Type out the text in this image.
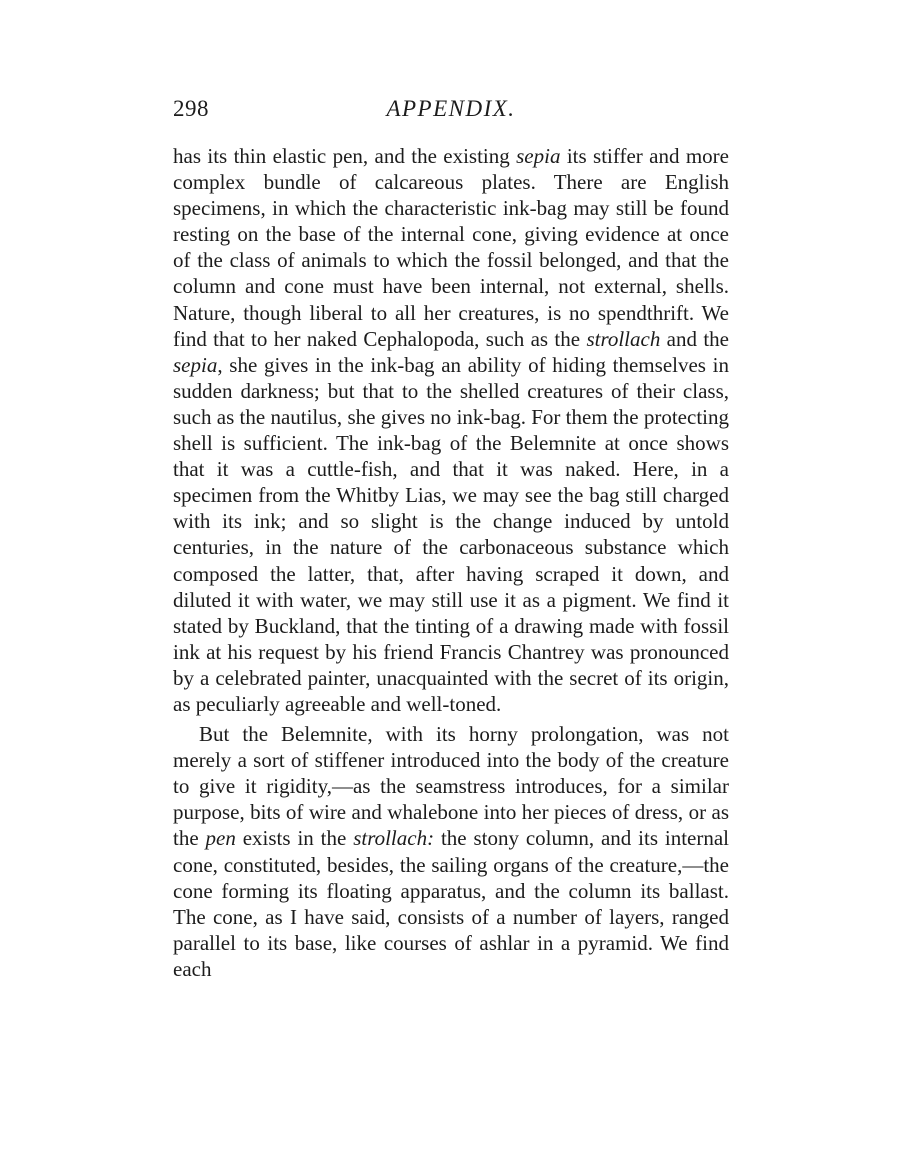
298	APPENDIX.

has its thin elastic pen, and the existing sepia its stiffer and more complex bundle of calcareous plates. There are English specimens, in which the characteristic ink-bag may still be found resting on the base of the internal cone, giving evidence at once of the class of animals to which the fossil belonged, and that the column and cone must have been internal, not external, shells. Nature, though liberal to all her creatures, is no spendthrift. We find that to her naked Cephalopoda, such as the strollach and the sepia, she gives in the ink-bag an ability of hiding themselves in sudden darkness; but that to the shelled creatures of their class, such as the nautilus, she gives no ink-bag. For them the protecting shell is sufficient. The ink-bag of the Belemnite at once shows that it was a cuttle-fish, and that it was naked. Here, in a specimen from the Whitby Lias, we may see the bag still charged with its ink; and so slight is the change induced by untold centuries, in the nature of the carbonaceous substance which composed the latter, that, after having scraped it down, and diluted it with water, we may still use it as a pigment. We find it stated by Buckland, that the tinting of a drawing made with fossil ink at his request by his friend Francis Chantrey was pronounced by a celebrated painter, unacquainted with the secret of its origin, as peculiarly agreeable and well-toned.

But the Belemnite, with its horny prolongation, was not merely a sort of stiffener introduced into the body of the creature to give it rigidity,—as the seamstress introduces, for a similar purpose, bits of wire and whalebone into her pieces of dress, or as the pen exists in the strollach: the stony column, and its internal cone, constituted, besides, the sailing organs of the creature,—the cone forming its floating apparatus, and the column its ballast. The cone, as I have said, consists of a number of layers, ranged parallel to its base, like courses of ashlar in a pyramid. We find each
